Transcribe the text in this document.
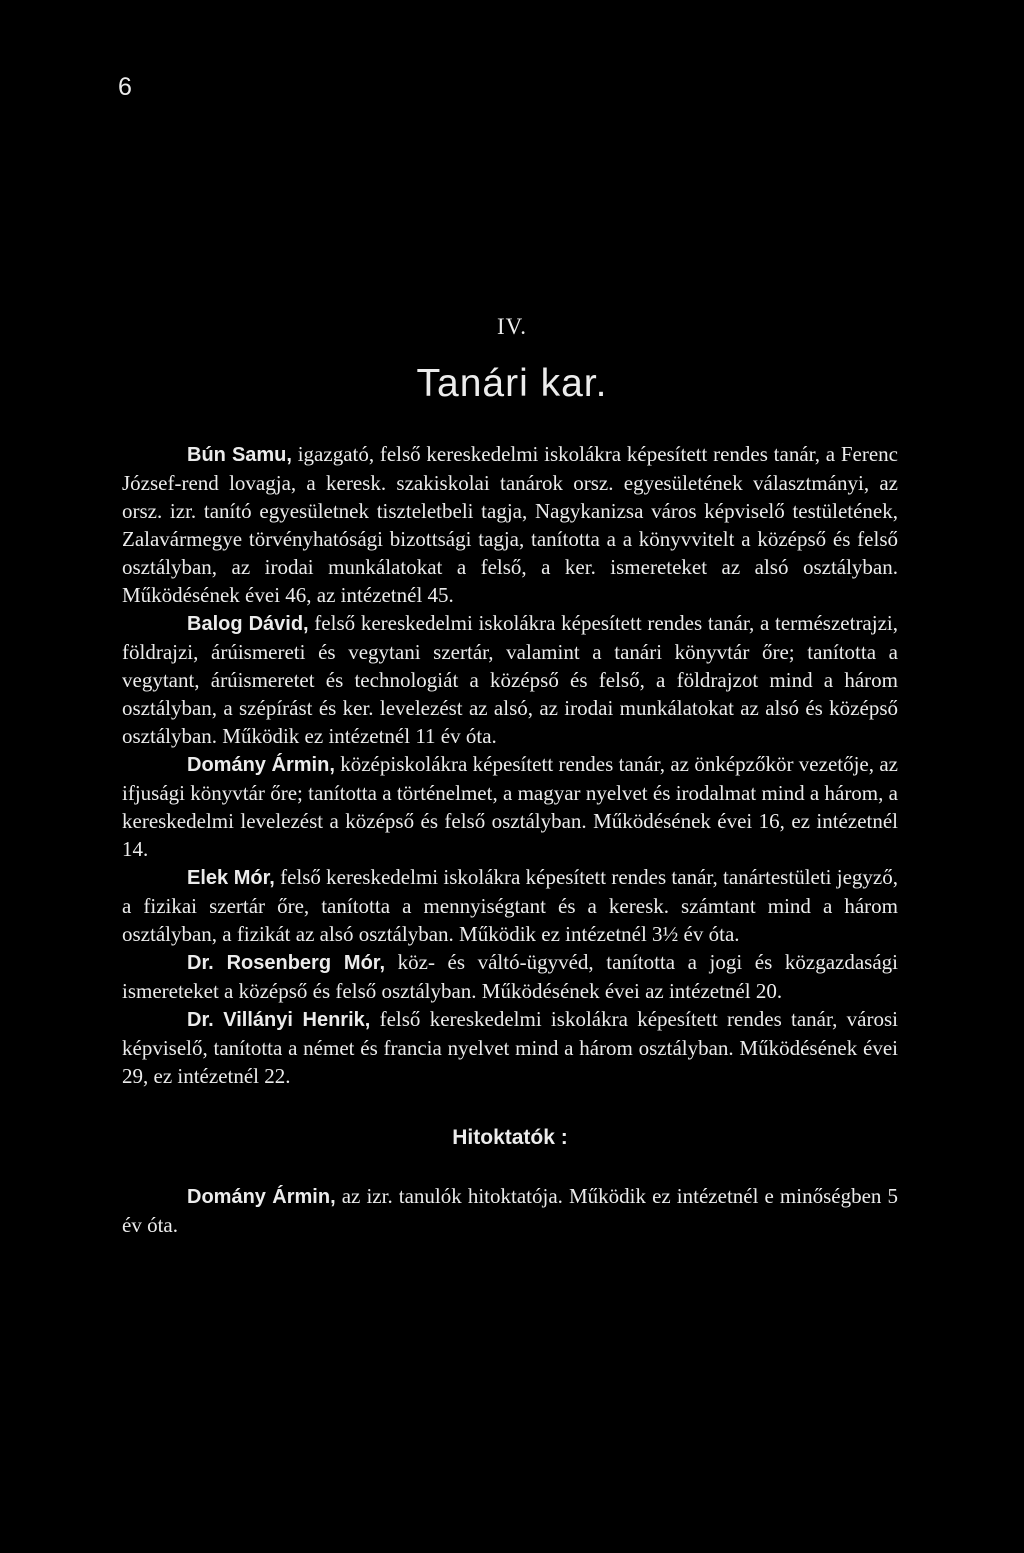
6
IV.
Tanári kar.

Bún Samu, igazgató, felső kereskedelmi iskolákra képesített rendes tanár, a Ferenc József-rend lovagja, a keresk. szakiskolai tanárok orsz. egyesületének választmányi, az orsz. izr. tanító egyesületnek tiszteletbeli tagja, Nagykanizsa város képviselő testületének, Zalavármegye törvényhatósági bizottsági tagja, tanította a a könyvvitelt a középső és felső osztályban, az irodai munkálatokat a felső, a ker. ismereteket az alsó osztályban. Működésének évei 46, az intézetnél 45.

Balog Dávid, felső kereskedelmi iskolákra képesített rendes tanár, a természetrajzi, földrajzi, árúismereti és vegytani szertár, valamint a tanári könyvtár őre; tanította a vegytant, árúismeretet és technologiát a középső és felső, a földrajzot mind a három osztályban, a szépírást és ker. levelezést az alsó, az irodai munkálatokat az alsó és középső osztályban. Működik ez intézetnél 11 év óta.

Domány Ármin, középiskolákra képesített rendes tanár, az önképzőkör vezetője, az ifjusági könyvtár őre; tanította a történelmet, a magyar nyelvet és irodalmat mind a három, a kereskedelmi levelezést a középső és felső osztályban. Működésének évei 16, ez intézetnél 14.

Elek Mór, felső kereskedelmi iskolákra képesített rendes tanár, tanártestületi jegyző, a fizikai szertár őre, tanította a mennyiségtant és a keresk. számtant mind a három osztályban, a fizikát az alsó osztályban. Működik ez intézetnél 3½ év óta.

Dr. Rosenberg Mór, köz- és váltó-ügyvéd, tanította a jogi és közgazdasági ismereteket a középső és felső osztályban. Működésének évei az intézetnél 20.

Dr. Villányi Henrik, felső kereskedelmi iskolákra képesített rendes tanár, városi képviselő, tanította a német és francia nyelvet mind a három osztályban. Működésének évei 29, ez intézetnél 22.

Hitoktatók :

Domány Ármin, az izr. tanulók hitoktatója. Működik ez intézetnél e minőségben 5 év óta.
